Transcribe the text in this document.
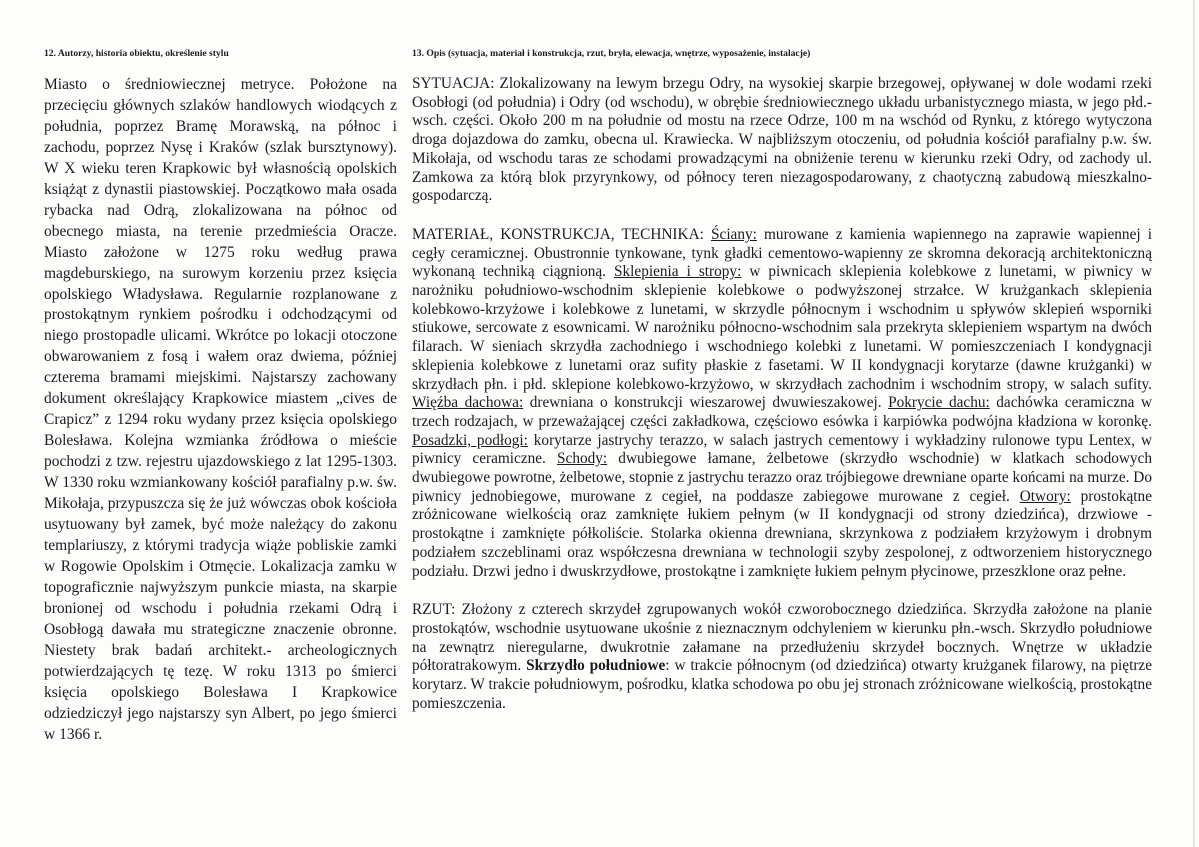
12. Autorzy, historia obiektu, określenie stylu

Miasto o średniowiecznej metryce. Położone na przecięciu głównych szlaków handlowych wiodących z południa, poprzez Bramę Morawską, na północ i zachodu, poprzez Nysę i Kraków (szlak bursztynowy). W X wieku teren Krapkowic był własnością opolskich książąt z dynastii piastowskiej. Początkowo mała osada rybacka nad Odrą, zlokalizowana na północ od obecnego miasta, na terenie przedmieścia Oracze. Miasto założone w 1275 roku według prawa magdeburskiego, na surowym korzeniu przez księcia opolskiego Władysława. Regularnie rozplanowane z prostokątnym rynkiem pośrodku i odchodzącymi od niego prostopadle ulicami. Wkrótce po lokacji otoczone obwarowaniem z fosą i wałem oraz dwiema, później czterema bramami miejskimi. Najstarszy zachowany dokument określający Krapkowice miastem „cives de Crapicz” z 1294 roku wydany przez księcia opolskiego Bolesława. Kolejna wzmianka źródłowa o mieście pochodzi z tzw. rejestru ujazdowskiego z lat 1295-1303. W 1330 roku wzmiankowany kościół parafialny p.w. św. Mikołaja, przypuszcza się że już wówczas obok kościoła usytuowany był zamek, być może należący do zakonu templariuszy, z którymi tradycja wiąże pobliskie zamki w Rogowie Opolskim i Otmęcie. Lokalizacja zamku w topograficznie najwyższym punkcie miasta, na skarpie bronionej od wschodu i południa rzekami Odrą i Osobłogą dawała mu strategiczne znaczenie obronne. Niestety brak badań architekt.- archeologicznych potwierdzających tę tezę. W roku 1313 po śmierci księcia opolskiego Bolesława I Krapkowice odziedziczył jego najstarszy syn Albert, po jego śmierci w 1366 r.

13. Opis (sytuacja, materiał i konstrukcja, rzut, bryła, elewacja, wnętrze, wyposażenie, instalacje)
SYTUACJA: Zlokalizowany na lewym brzegu Odry, na wysokiej skarpie brzegowej, opływanej w dole wodami rzeki Osobłogi (od południa) i Odry (od wschodu), w obrębie średniowiecznego układu urbanistycznego miasta, w jego płd.-wsch. części. Około 200 m na południe od mostu na rzece Odrze, 100 m na wschód od Rynku, z którego wytyczona droga dojazdowa do zamku, obecna ul. Krawiecka. W najbliższym otoczeniu, od południa kościół parafialny p.w. św. Mikołaja, od wschodu taras ze schodami prowadzącymi na obniżenie terenu w kierunku rzeki Odry, od zachody ul. Zamkowa za którą blok przyrynkowy, od północy teren niezagospodarowany, z chaotyczną zabudową mieszkalno-gospodarczą.
MATERIAŁ, KONSTRUKCJA, TECHNIKA: Ściany: murowane z kamienia wapiennego na zaprawie wapiennej i cegły ceramicznej. Obustronnie tynkowane, tynk gładki cementowo-wapienny ze skromna dekoracją architektoniczną wykonaną techniką ciągnioną. Sklepienia i stropy: w piwnicach sklepienia kolebkowe z lunetami, w piwnicy w narożniku południowo-wschodnim sklepienie kolebkowe o podwyższonej strzałce. W krużgankach sklepienia kolebkowo-krzyżowe i kolebkowe z lunetami, w skrzydle północnym i wschodnim u spływów sklepień wsporniki stiukowe, sercowate z esownicami. W narożniku północno-wschodnim sala przekryta sklepieniem wspartym na dwóch filarach. W sieniach skrzydła zachodniego i wschodniego kolebki z lunetami. W pomieszczeniach I kondygnacji sklepienia kolebkowe z lunetami oraz sufity płaskie z fasetami. W II kondygnacji korytarze (dawne krużganki) w skrzydłach płn. i płd. sklepione kolebkowo-krzyżowo, w skrzydłach zachodnim i wschodnim stropy, w salach sufity. Więźba dachowa: drewniana o konstrukcji wieszarowej dwuwieszakowej. Pokrycie dachu: dachówka ceramiczna w trzech rodzajach, w przeważającej części zakładkowa, częściowo esówka i karpiówka podwójna kładziona w koronkę. Posadzki, podłogi: korytarze jastrychy terazzo, w salach jastrych cementowy i wykładziny rulonowe typu Lentex, w piwnicy ceramiczne. Schody: dwubiegowe łamane, żelbetowe (skrzydło wschodnie) w klatkach schodowych dwubiegowe powrotne, żelbetowe, stopnie z jastrychu terazzo oraz trójbiegowe drewniane oparte końcami na murze. Do piwnicy jednobiegowe, murowane z cegieł, na poddasze zabiegowe murowane z cegieł. Otwory: prostokątne zróżnicowane wielkością oraz zamknięte łukiem pełnym (w II kondygnacji od strony dziedzińca), drzwiowe - prostokątne i zamknięte półkoliście. Stolarka okienna drewniana, skrzynkowa z podziałem krzyżowym i drobnym podziałem szczeblinami oraz współczesna drewniana w technologii szyby zespolonej, z odtworzeniem historycznego podziału. Drzwi jedno i dwuskrzydłowe, prostokątne i zamknięte łukiem pełnym płycinowe, przeszklone oraz pełne.
RZUT: Złożony z czterech skrzydeł zgrupowanych wokół czworobocznego dziedzińca. Skrzydła założone na planie prostokątów, wschodnie usytuowane ukośnie z nieznacznym odchyleniem w kierunku płn.-wsch. Skrzydło południowe na zewnątrz nieregularne, dwukrotnie załamane na przedłużeniu skrzydeł bocznych. Wnętrze w układzie półtoratrakowym. Skrzydło południowe: w trakcie północnym (od dziedzińca) otwarty krużganek filarowy, na piętrze korytarz. W trakcie południowym, pośrodku, klatka schodowa po obu jej stronach zróżnicowane wielkością, prostokątne pomieszczenia.
